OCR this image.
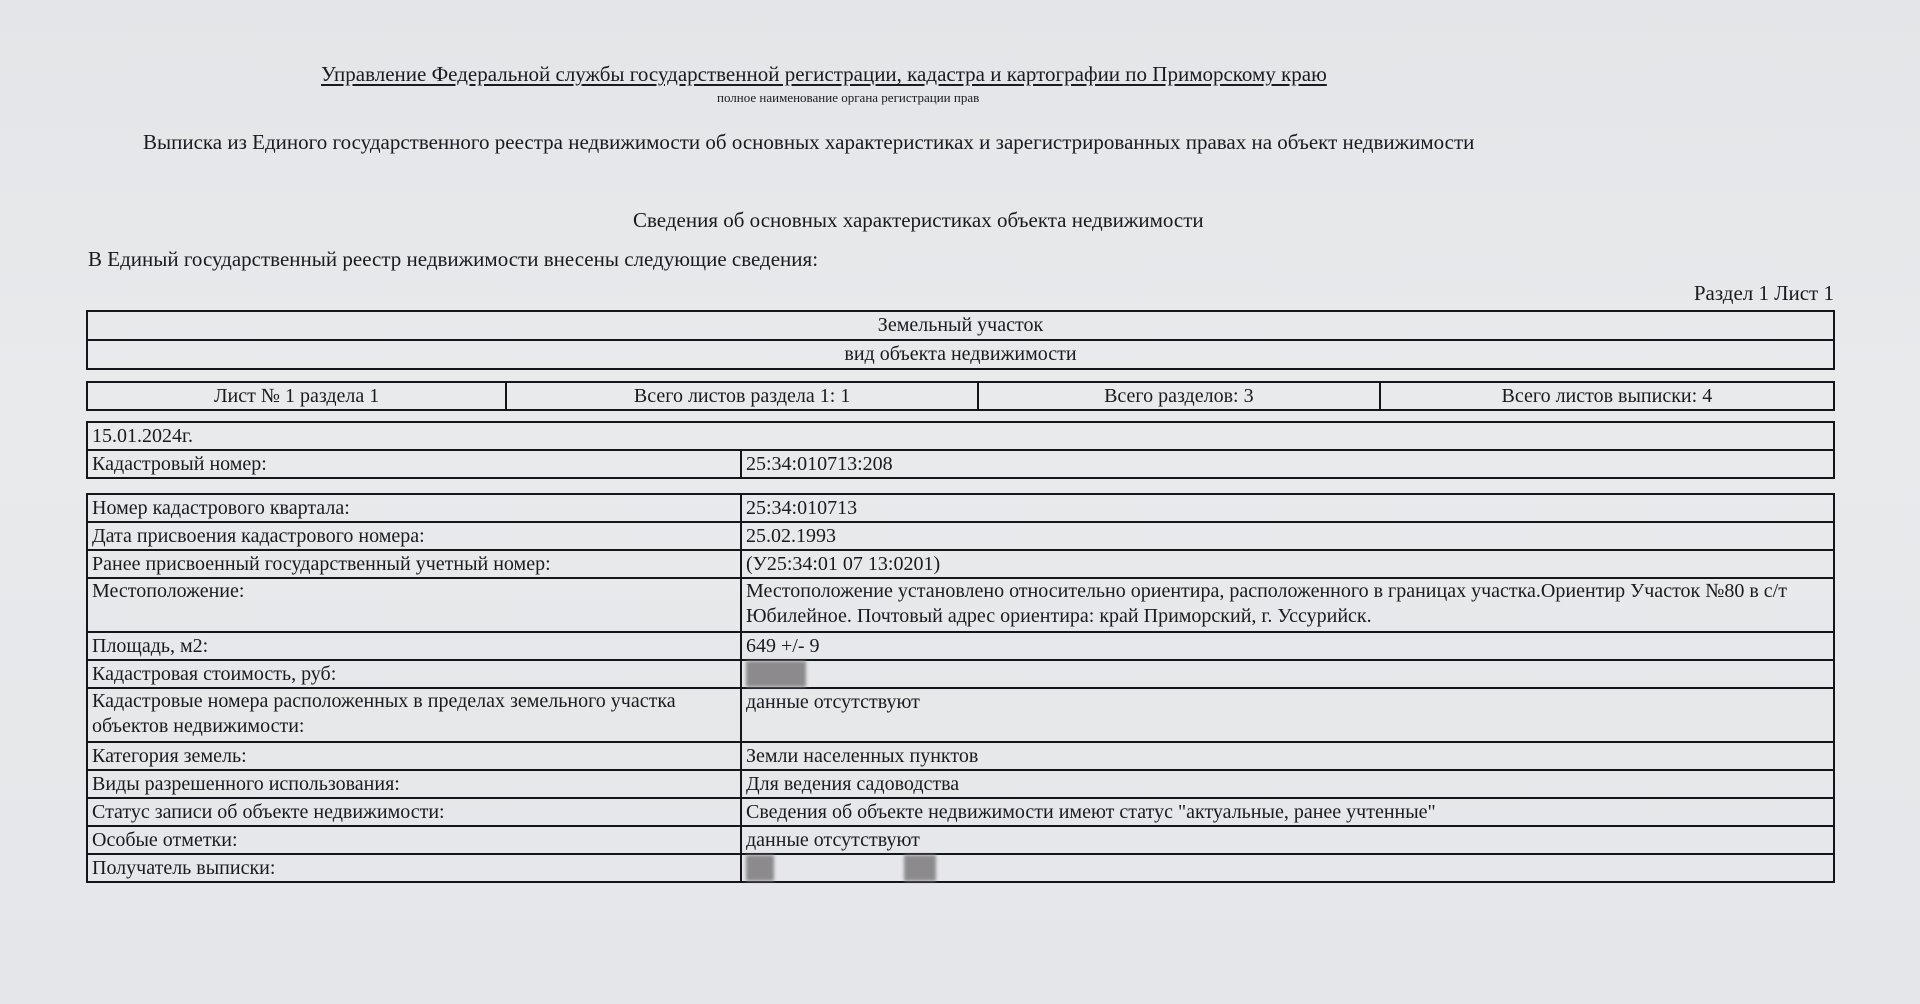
Управление Федеральной службы государственной регистрации, кадастра и картографии по Приморскому краю
полное наименование органа регистрации прав
Выписка из Единого государственного реестра недвижимости об основных характеристиках и зарегистрированных правах на объект недвижимости
Сведения об основных характеристиках объекта недвижимости
В Единый государственный реестр недвижимости внесены следующие сведения:
Раздел 1 Лист 1
Земельный участок
вид объекта недвижимости
Лист № 1 раздела 1	Всего листов раздела 1: 1	Всего разделов: 3	Всего листов выписки: 4
15.01.2024г.
Кадастровый номер:	25:34:010713:208
Номер кадастрового квартала:	25:34:010713
Дата присвоения кадастрового номера:	25.02.1993
Ранее присвоенный государственный учетный номер:	(У25:34:01 07 13:0201)
Местоположение:	Местоположение установлено относительно ориентира, расположенного в границах участка.Ориентир Участок №80 в с/т Юбилейное. Почтовый адрес ориентира: край Приморский, г. Уссурийск.
Площадь, м2:	649 +/- 9
Кадастровая стоимость, руб:	
Кадастровые номера расположенных в пределах земельного участка объектов недвижимости:	данные отсутствуют
Категория земель:	Земли населенных пунктов
Виды разрешенного использования:	Для ведения садоводства
Статус записи об объекте недвижимости:	Сведения об объекте недвижимости имеют статус "актуальные, ранее учтенные"
Особые отметки:	данные отсутствуют
Получатель выписки:	
